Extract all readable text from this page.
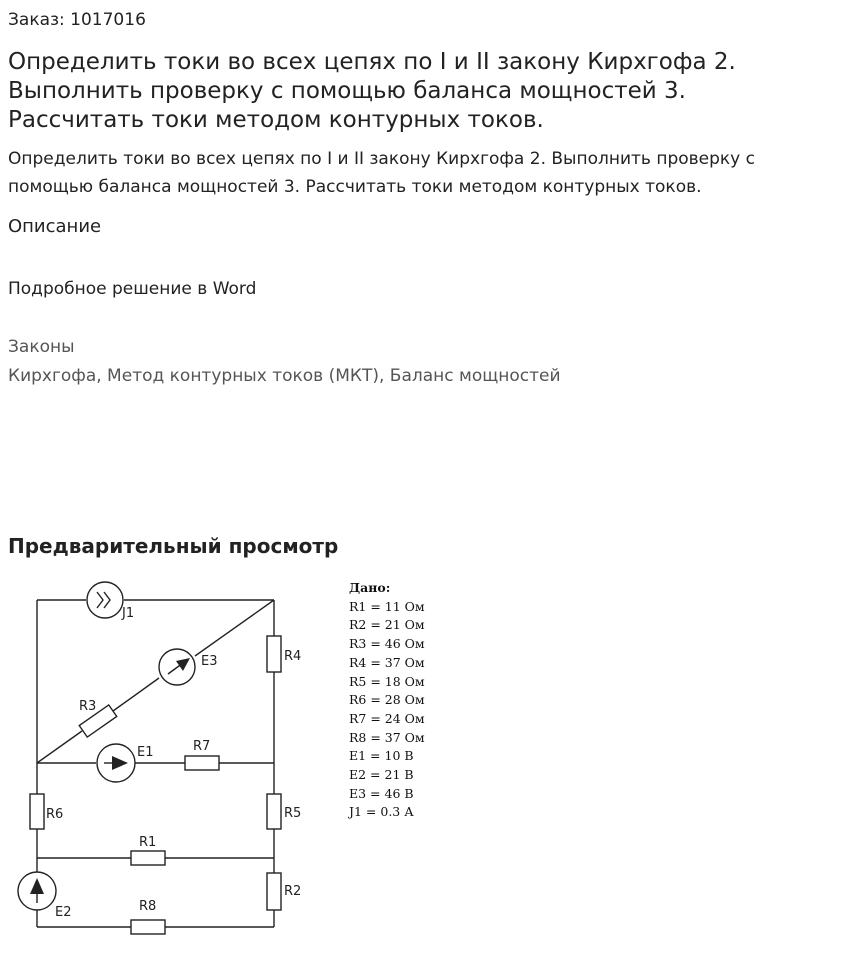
Заказ: 1017016
Определить токи во всех цепях по I и II закону Кирхгофа 2. Выполнить проверку с помощью баланса мощностей 3. Рассчитать токи методом контурных токов.
Определить токи во всех цепях по I и II закону Кирхгофа 2. Выполнить проверку с помощью баланса мощностей 3. Рассчитать токи методом контурных токов.
Описание
Подробное решение в Word
Законы
Кирхгофа, Метод контурных токов (МКТ), Баланс мощностей
Предварительный просмотр
J1
E3	R4
R3
E1	R7
R6	R5
R1
R2
E2	R8
Дано:
R1 = 11 Ом
R2 = 21 Ом
R3 = 46 Ом
R4 = 37 Ом
R5 = 18 Ом
R6 = 28 Ом
R7 = 24 Ом
R8 = 37 Ом
E1 = 10 В
E2 = 21 В
E3 = 46 В
J1 = 0.3 А
